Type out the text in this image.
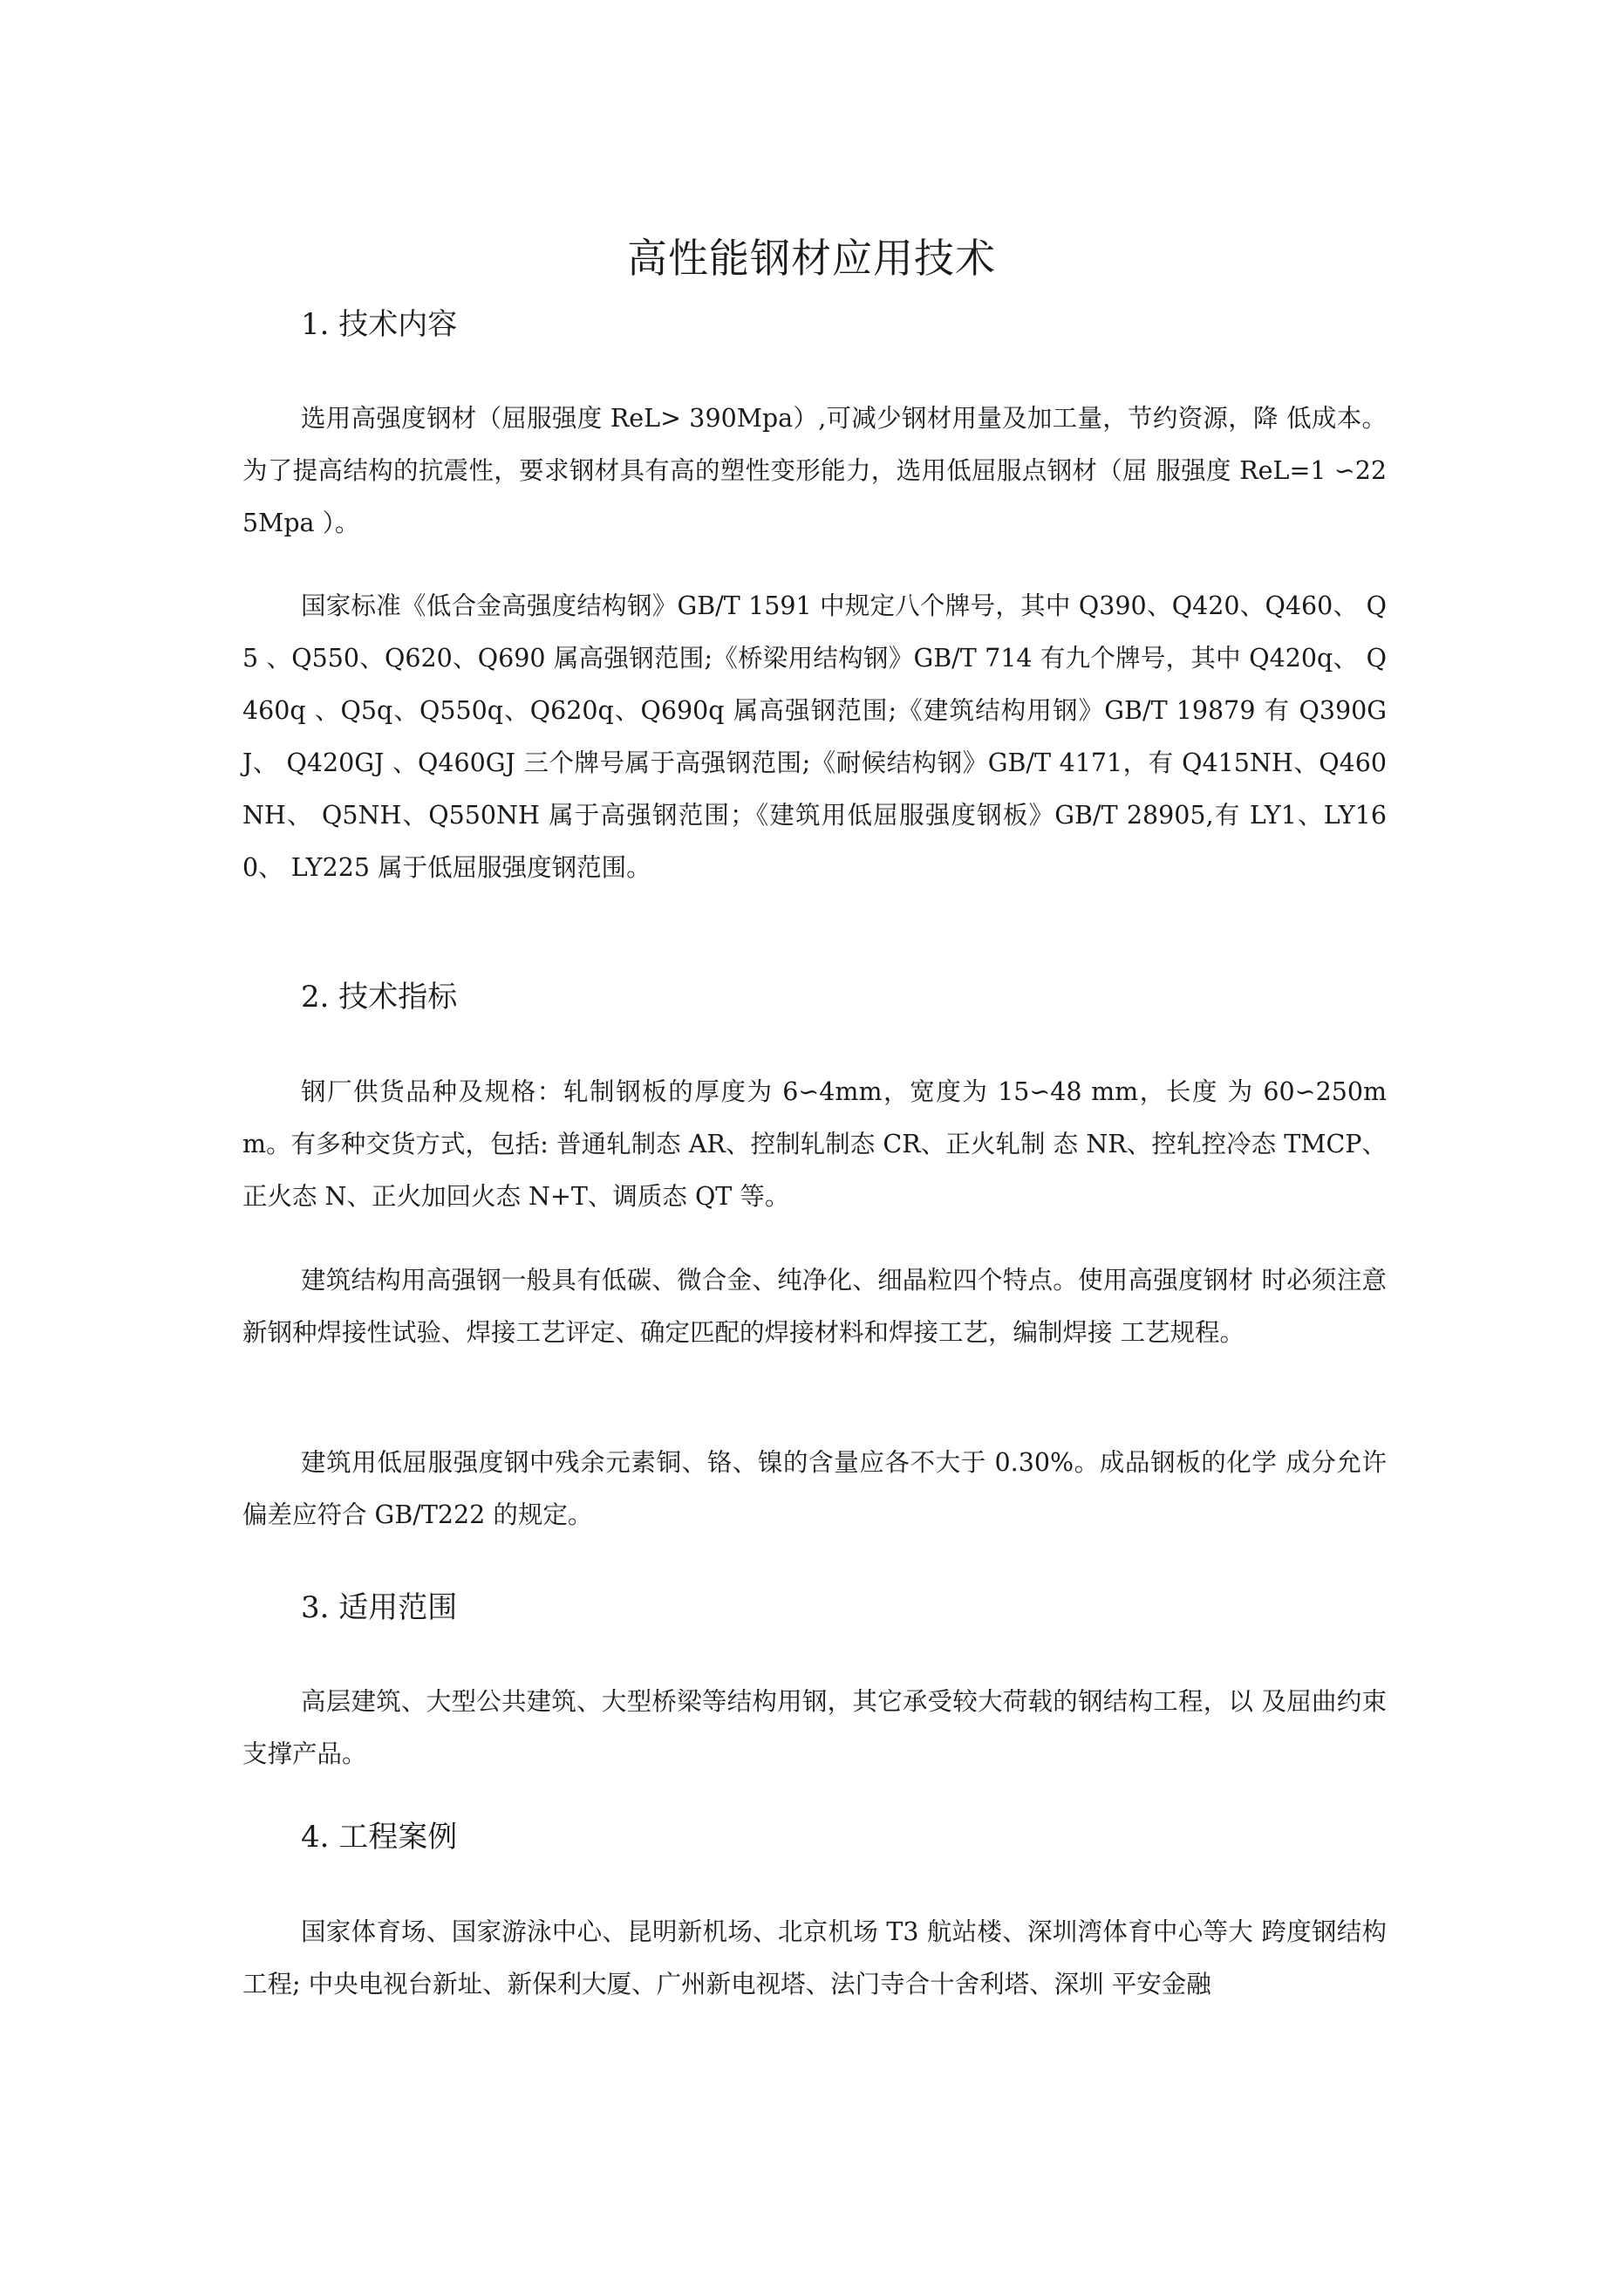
高性能钢材应用技术
1. 技术内容

选用高强度钢材（屈服强度 ReL> 390Mpa）,可减少钢材用量及加工量，节约资源，降 低成本。为了提高结构的抗震性，要求钢材具有高的塑性变形能力，选用低屈服点钢材（屈 服强度 ReL=1 ∽225Mpa ）。

国家标准《低合金高强度结构钢》GB/T 1591 中规定八个牌号，其中 Q390、Q420、Q460、 Q5 、Q550、Q620、Q690 属高强钢范围;《桥梁用结构钢》GB/T 714 有九个牌号，其中 Q420q、 Q460q 、Q5q、Q550q、Q620q、Q690q 属高强钢范围;《建筑结构用钢》GB/T 19879 有 Q390GJ、 Q420GJ 、Q460GJ 三个牌号属于高强钢范围;《耐候结构钢》GB/T 4171，有 Q415NH、Q460NH、 Q5NH、Q550NH 属于高强钢范围；《建筑用低屈服强度钢板》GB/T 28905,有 LY1、LY160、 LY225 属于低屈服强度钢范围。

2. 技术指标

钢厂供货品种及规格：轧制钢板的厚度为 6∽4mm，宽度为 15∽48 mm，长度 为 60∽250mm。有多种交货方式，包括: 普通轧制态 AR、控制轧制态 CR、正火轧制 态 NR、控轧控冷态 TMCP、正火态 N、正火加回火态 N+T、调质态 QT 等。

建筑结构用高强钢一般具有低碳、微合金、纯净化、细晶粒四个特点。使用高强度钢材 时必须注意新钢种焊接性试验、焊接工艺评定、确定匹配的焊接材料和焊接工艺，编制焊接 工艺规程。

建筑用低屈服强度钢中残余元素铜、铬、镍的含量应各不大于 0.30%。成品钢板的化学 成分允许偏差应符合 GB/T222 的规定。

3. 适用范围

高层建筑、大型公共建筑、大型桥梁等结构用钢，其它承受较大荷载的钢结构工程，以 及屈曲约束支撑产品。

4. 工程案例

国家体育场、国家游泳中心、昆明新机场、北京机场 T3 航站楼、深圳湾体育中心等大 跨度钢结构工程; 中央电视台新址、新保利大厦、广州新电视塔、法门寺合十舍利塔、深圳 平安金融
